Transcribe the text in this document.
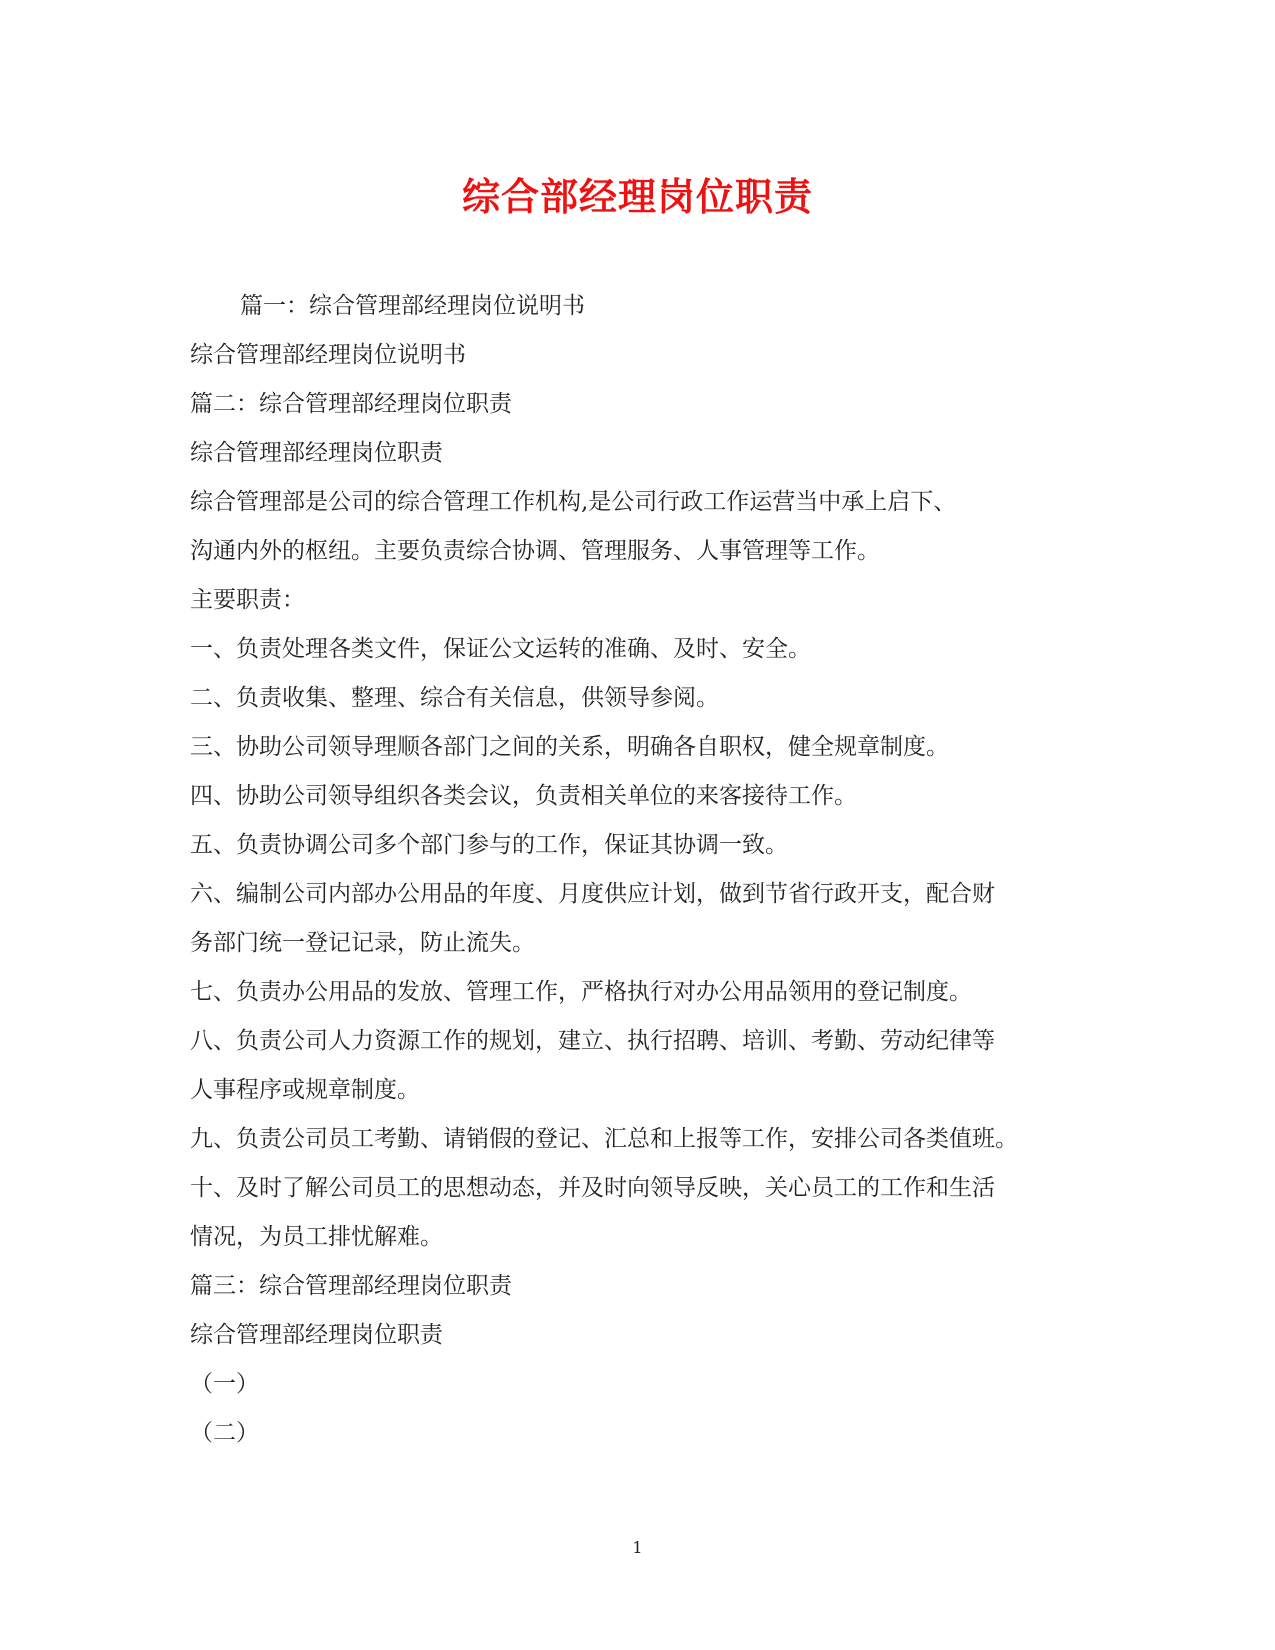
综合部经理岗位职责
篇一：综合管理部经理岗位说明书
综合管理部经理岗位说明书
篇二：综合管理部经理岗位职责
综合管理部经理岗位职责
综合管理部是公司的综合管理工作机构,是公司行政工作运营当中承上启下、
沟通内外的枢纽。主要负责综合协调、管理服务、人事管理等工作。
主要职责：
一、负责处理各类文件，保证公文运转的准确、及时、安全。
二、负责收集、整理、综合有关信息，供领导参阅。
三、协助公司领导理顺各部门之间的关系，明确各自职权，健全规章制度。
四、协助公司领导组织各类会议，负责相关单位的来客接待工作。
五、负责协调公司多个部门参与的工作，保证其协调一致。
六、编制公司内部办公用品的年度、月度供应计划，做到节省行政开支，配合财
务部门统一登记记录，防止流失。
七、负责办公用品的发放、管理工作，严格执行对办公用品领用的登记制度。
八、负责公司人力资源工作的规划，建立、执行招聘、培训、考勤、劳动纪律等
人事程序或规章制度。
九、负责公司员工考勤、请销假的登记、汇总和上报等工作，安排公司各类值班。
十、及时了解公司员工的思想动态，并及时向领导反映，关心员工的工作和生活
情况，为员工排忧解难。
篇三：综合管理部经理岗位职责
综合管理部经理岗位职责
（一）
（二）
1
